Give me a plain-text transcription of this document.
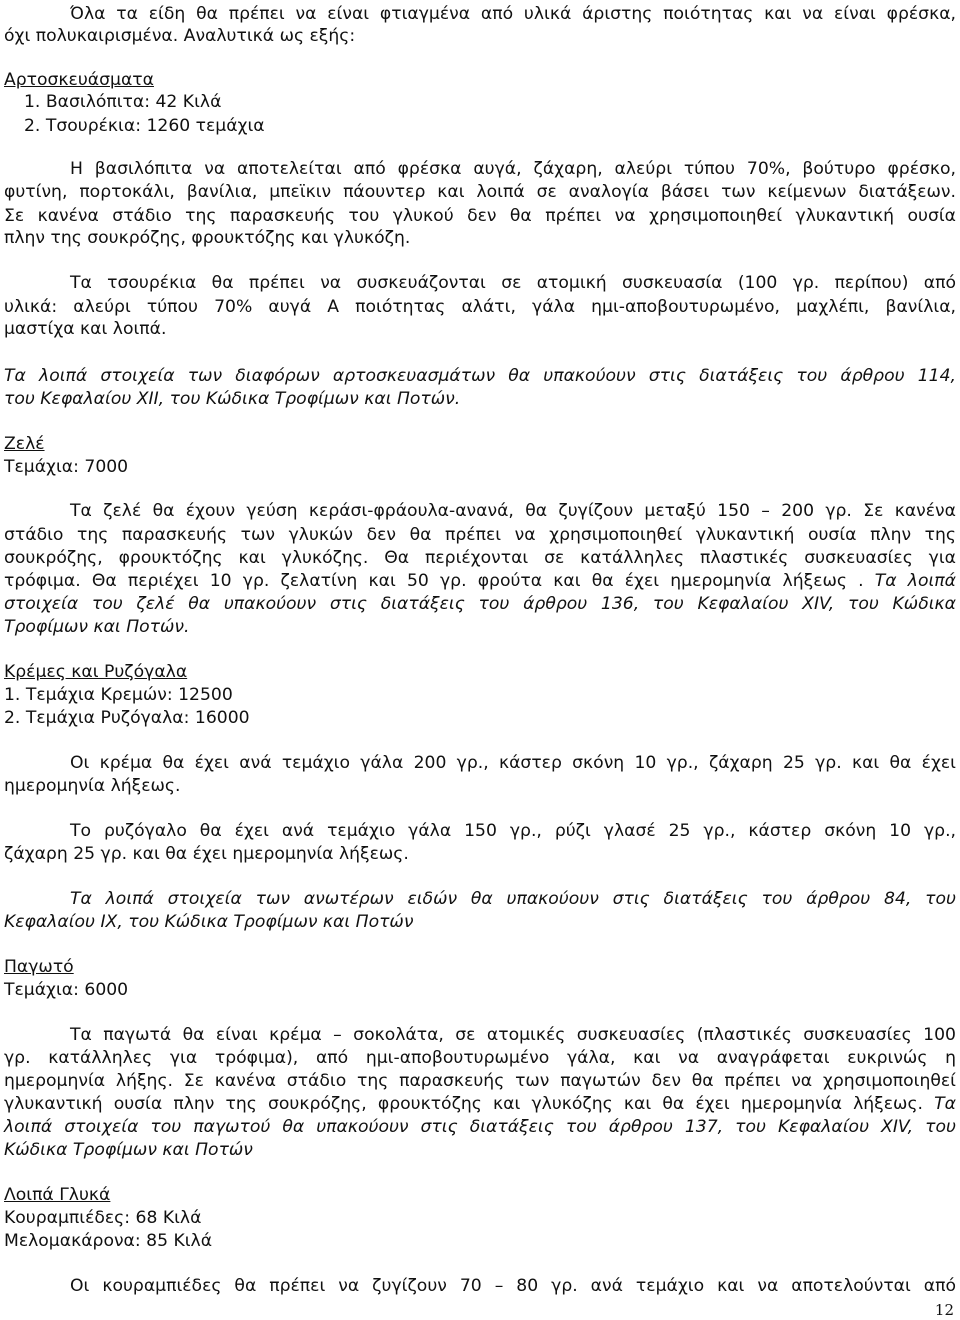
Όλα τα είδη θα πρέπει να είναι φτιαγμένα από υλικά άριστης ποιότητας και να είναι φρέσκα,
όχι πολυκαιρισμένα. Αναλυτικά ως εξής:
Αρτοσκευάσματα
1. Βασιλόπιτα: 42 Κιλά
2. Τσουρέκια: 1260 τεμάχια
Η βασιλόπιτα να αποτελείται από φρέσκα αυγά, ζάχαρη, αλεύρι τύπου 70%, βούτυρο φρέσκο,
φυτίνη, πορτοκάλι, βανίλια, μπεϊκιν πάουντερ και λοιπά σε αναλογία βάσει των κείμενων διατάξεων.
Σε κανένα στάδιο της παρασκευής του γλυκού δεν θα πρέπει να χρησιμοποιηθεί γλυκαντική ουσία
πλην της σουκρόζης, φρουκτόζης και γλυκόζη.
Τα τσουρέκια θα πρέπει να συσκευάζονται σε ατομική συσκευασία (100 γρ. περίπου) από
υλικά: αλεύρι τύπου 70% αυγά Α ποιότητας αλάτι, γάλα ημι-αποβουτυρωμένο, μαχλέπι, βανίλια,
μαστίχα και λοιπά.
Τα λοιπά στοιχεία των διαφόρων αρτοσκευασμάτων θα υπακούουν στις διατάξεις του άρθρου 114,
του Κεφαλαίου XII, του Κώδικα Τροφίμων και Ποτών.
Ζελέ
Τεμάχια: 7000
Τα ζελέ θα έχουν γεύση κεράσι-φράουλα-ανανά, θα ζυγίζουν μεταξύ 150 – 200 γρ. Σε κανένα
στάδιο της παρασκευής των γλυκών δεν θα πρέπει να χρησιμοποιηθεί γλυκαντική ουσία πλην της
σουκρόζης, φρουκτόζης και γλυκόζης. Θα περιέχονται σε κατάλληλες πλαστικές συσκευασίες για
τρόφιμα. Θα περιέχει 10 γρ. ζελατίνη και 50 γρ. φρούτα και θα έχει ημερομηνία λήξεως . Τα λοιπά
στοιχεία του ζελέ θα υπακούουν στις διατάξεις του άρθρου 136, του Κεφαλαίου XIV, του Κώδικα
Τροφίμων και Ποτών.
Κρέμες και Ρυζόγαλα
1. Τεμάχια Κρεμών: 12500
2. Τεμάχια Ρυζόγαλα: 16000
Οι κρέμα θα έχει ανά τεμάχιο γάλα 200 γρ., κάστερ σκόνη 10 γρ., ζάχαρη 25 γρ. και θα έχει
ημερομηνία λήξεως.
Το ρυζόγαλο θα έχει ανά τεμάχιο γάλα 150 γρ., ρύζι γλασέ 25 γρ., κάστερ σκόνη 10 γρ.,
ζάχαρη 25 γρ. και θα έχει ημερομηνία λήξεως.
Τα λοιπά στοιχεία των ανωτέρων ειδών θα υπακούουν στις διατάξεις του άρθρου 84, του
Κεφαλαίου IX, του Κώδικα Τροφίμων και Ποτών
Παγωτό
Τεμάχια: 6000
Τα παγωτά θα είναι κρέμα – σοκολάτα, σε ατομικές συσκευασίες (πλαστικές συσκευασίες 100
γρ. κατάλληλες για τρόφιμα), από ημι-αποβουτυρωμένο γάλα, και να αναγράφεται ευκρινώς η
ημερομηνία λήξης. Σε κανένα στάδιο της παρασκευής των παγωτών δεν θα πρέπει να χρησιμοποιηθεί
γλυκαντική ουσία πλην της σουκρόζης, φρουκτόζης και γλυκόζης και θα έχει ημερομηνία λήξεως. Τα
λοιπά στοιχεία του παγωτού θα υπακούουν στις διατάξεις του άρθρου 137, του Κεφαλαίου XIV, του
Κώδικα Τροφίμων και Ποτών
Λοιπά Γλυκά
Κουραμπιέδες: 68 Κιλά
Μελομακάρονα: 85 Κιλά
Οι κουραμπιέδες θα πρέπει να ζυγίζουν 70 – 80 γρ. ανά τεμάχιο και να αποτελούνται από
12
